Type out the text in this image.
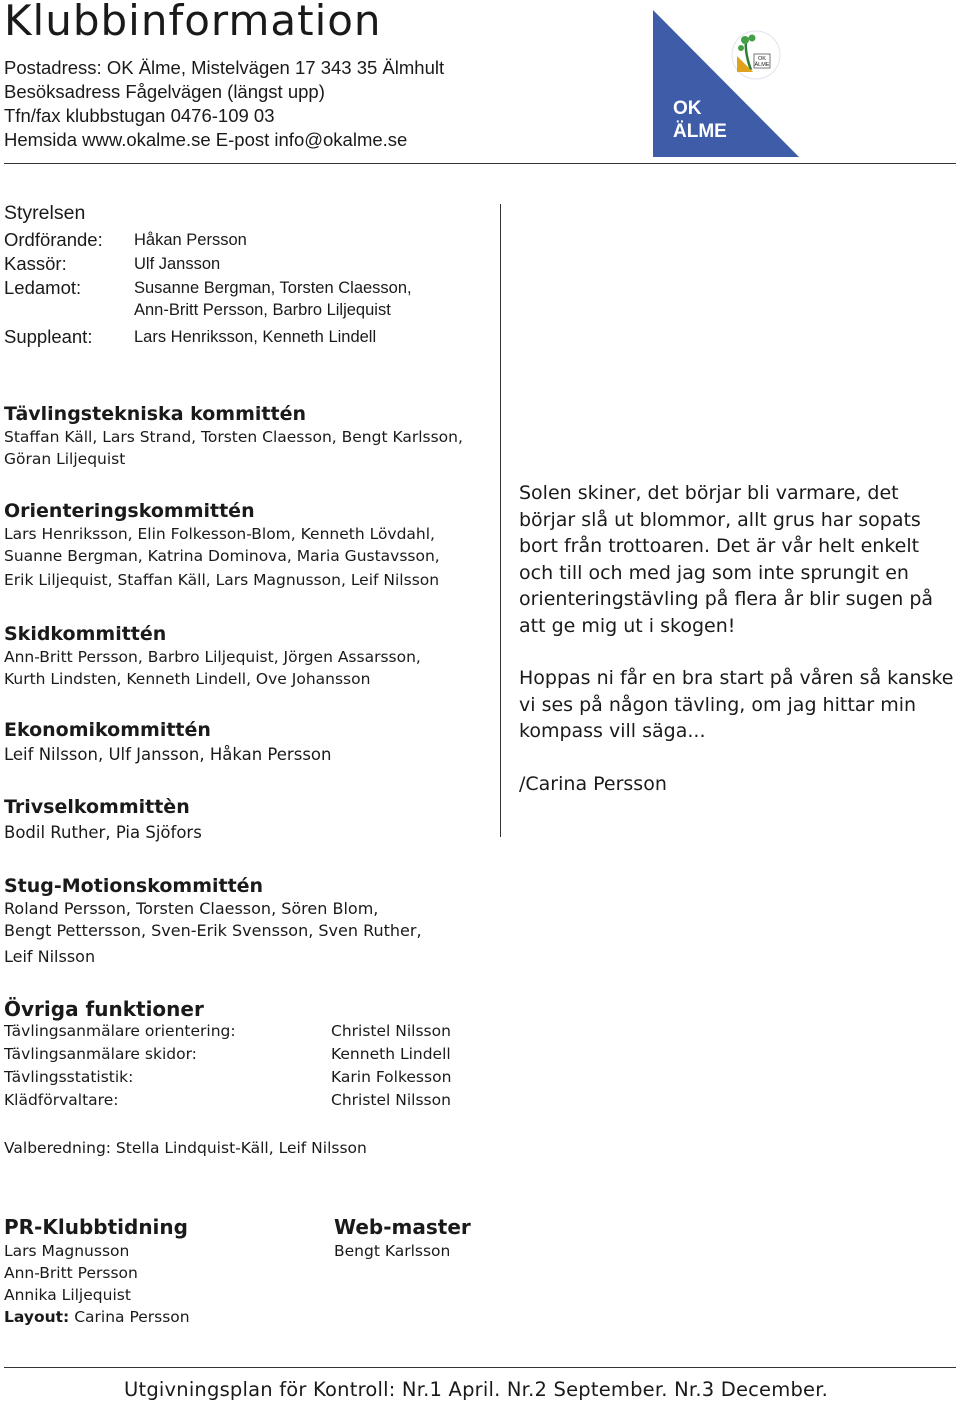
Klubbinformation
Postadress: OK Älme, Mistelvägen 17 343 35 Älmhult
Besöksadress Fågelvägen (längst upp)
Tfn/fax klubbstugan 0476-109 03
Hemsida www.okalme.se E-post info@okalme.se
OK
ÄLME
OK
ÄLME
Styrelsen
Ordförande: Håkan Persson
Kassör:	Ulf Jansson
Ledamot:	Susanne Bergman, Torsten Claesson,
Ann-Britt Persson, Barbro Liljequist
Suppleant:	Lars Henriksson, Kenneth Lindell
Tävlingstekniska kommittén
Staffan Käll, Lars Strand, Torsten Claesson, Bengt Karlsson,
Göran Liljequist
Orienteringskommittén
Lars Henriksson, Elin Folkesson-Blom, Kenneth Lövdahl,
Suanne Bergman, Katrina Dominova, Maria Gustavsson,
Erik Liljequist, Staffan Käll, Lars Magnusson, Leif Nilsson
Skidkommittén
Ann-Britt Persson, Barbro Liljequist, Jörgen Assarsson,
Kurth Lindsten, Kenneth Lindell, Ove Johansson
Ekonomikommittén
Leif Nilsson, Ulf Jansson, Håkan Persson
Trivselkommittèn
Bodil Ruther, Pia Sjöfors
Stug-Motionskommittén
Roland Persson, Torsten Claesson, Sören Blom,
Bengt Pettersson, Sven-Erik Svensson, Sven Ruther,
Leif Nilsson

Solen skiner, det börjar bli varmare, det börjar slå ut blommor, allt grus har sopats bort från trottoaren. Det är vår helt enkelt och till och med jag som inte sprungit en orienteringstävling på flera år blir sugen på att ge mig ut i skogen!

Hoppas ni får en bra start på våren så kanske vi ses på någon tävling, om jag hittar min kompass vill säga...

/Carina Persson

Övriga funktioner
Tävlingsanmälare orientering:	Christel Nilsson
Tävlingsanmälare skidor:	Kenneth Lindell
Tävlingsstatistik:	Karin Folkesson
Klädförvaltare:	Christel Nilsson
Valberedning: Stella Lindquist-Käll, Leif Nilsson
PR-Klubbtidning
Lars Magnusson
Ann-Britt Persson
Annika Liljequist
Layout: Carina Persson
Web-master
Bengt Karlsson
Utgivningsplan för Kontroll: Nr.1 April. Nr.2 September. Nr.3 December.
